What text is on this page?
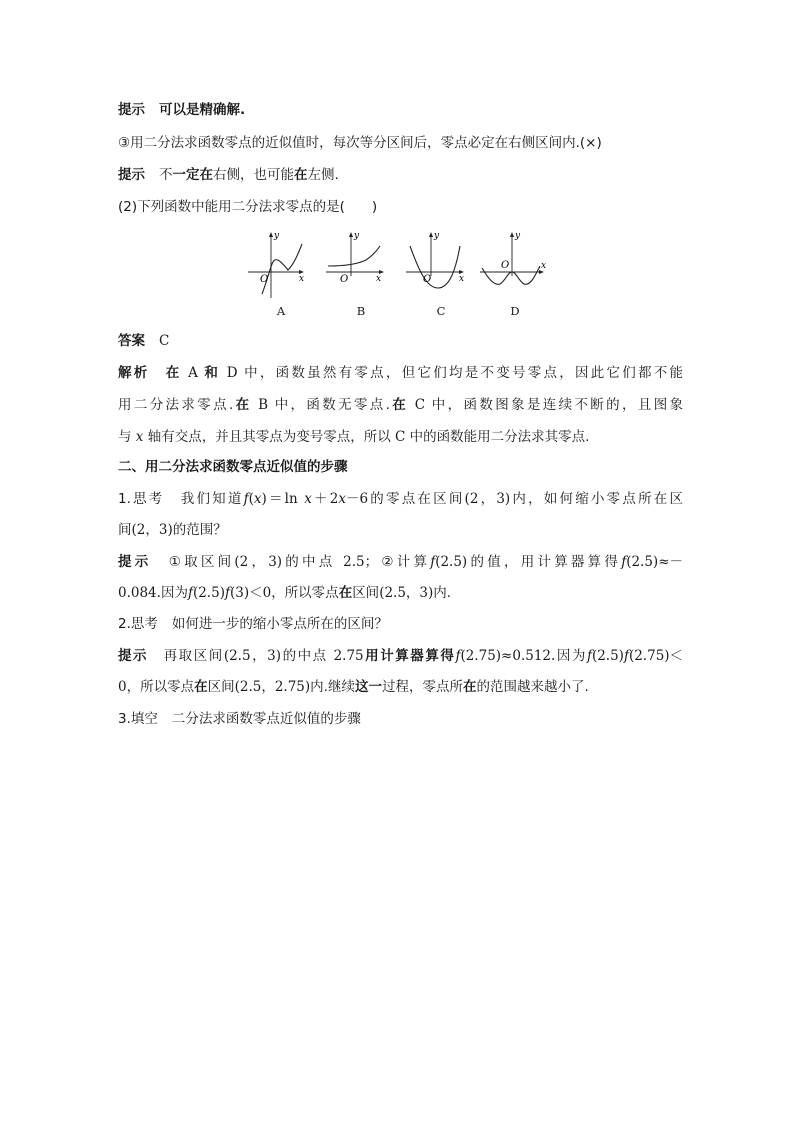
提示 可以是精确解.
③用二分法求函数零点的近似值时，每次等分区间后，零点必定在右侧区间内.(×)
提示 不一定在右侧，也可能在左侧.
(2)下列函数中能用二分法求零点的是(　　)
y
x
O
A
y
x
O
B
y
x
O
C
y
x
O
D
答案 C
解析 在 A 和 D 中，函数虽然有零点，但它们均是不变号零点，因此它们都不能
用二分法求零点.在 B 中，函数无零点.在 C 中，函数图象是连续不断的，且图象
与 x 轴有交点，并且其零点为变号零点，所以 C 中的函数能用二分法求其零点.
二、用二分法求函数零点近似值的步骤
1.思考 我们知道f(x)＝ln x＋2x－6的零点在区间(2，3)内，如何缩小零点所在区
间(2，3)的范围？
提示 ①取区间(2，3)的中点 2.5；②计算f(2.5)的值，用计算器算得f(2.5)≈－
0.084.因为f(2.5)f(3)＜0，所以零点在区间(2.5，3)内.
2.思考 如何进一步的缩小零点所在的区间？
提示 再取区间(2.5，3)的中点 2.75用计算器算得f(2.75)≈0.512.因为f(2.5)f(2.75)＜
0，所以零点在区间(2.5，2.75)内.继续这一过程，零点所在的范围越来越小了.
3.填空 二分法求函数零点近似值的步骤
